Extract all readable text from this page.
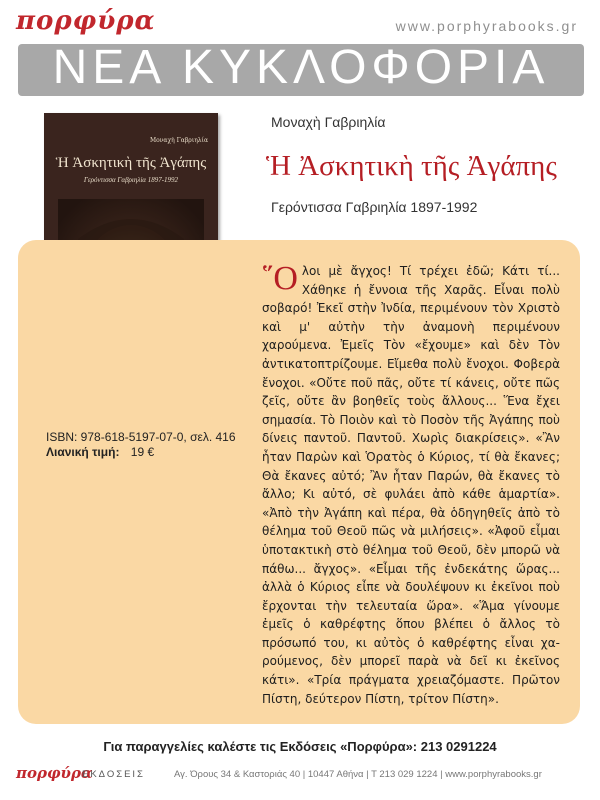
πορφύρα	www.porphyrabooks.gr
ΝΕΑ ΚΥΚΛΟΦΟΡΙΑ
Μοναχὴ Γαβριηλία
Ἡ Ἀσκητικὴ τῆς Ἀγάπης
Γερόντισσα Γαβριηλία 1897-1992
Μοναχὴ Γαβριηλία
Ἡ Ἀσκητικὴ τῆς Ἀγάπης
Γερόντισσα Γαβριηλία 1897-1992
ISBN: 978-618-5197-07-0, σελ. 416
Λιανική τιμή: 19 €
῞Ο λοι μὲ ἄγχος! Τί τρέχει ἐδῶ; Κάτι τί... Χάθηκε ἡ ἔννοια τῆς Χαρᾶς. Εἶναι πολὺ σοβαρό! Ἐκεῖ στὴν Ἰνδία, περιμένουν τὸν Χριστὸ καὶ μ' αὐτὴν τὴν ἀναμονὴ περιμένουν χαρούμενα. Ἐμεῖς Τὸν «ἔχουμε» καὶ δὲν Τὸν ἀντικατοπτρίζουμε. Εἴμεθα πολὺ ἔνοχοι. Φοβερὰ ἔνοχοι. «Οὔτε ποῦ πᾶς, οὔτε τί κάνεις, οὔτε πῶς ζεῖς, οὔτε ἂν βοηθεῖς τοὺς ἄλλους... Ἕνα ἔχει σημασία. Τὸ Ποιὸν καὶ τὸ Ποσὸν τῆς Ἀγάπης ποὺ δίνεις παντοῦ. Παντοῦ. Χωρὶς διακρίσεις». «Ἂν ἦταν Παρὼν καὶ Ὁρατὸς ὁ Κύριος, τί θὰ ἔκανες; Θὰ ἔκανες αὐτό; Ἂν ἦταν Παρών, θὰ ἔκανες τὸ ἄλλο; Κι αὐτό, σὲ φυλάει ἀπὸ κάθε ἁμαρτία». «Ἀπὸ τὴν Ἀγάπη καὶ πέρα, θὰ ὁδηγηθεῖς ἀπὸ τὸ θέλημα τοῦ Θεοῦ πῶς νὰ μιλήσεις». «Ἀφοῦ εἶμαι ὑποτακτικὴ στὸ θέλημα τοῦ Θεοῦ, δὲν μπορῶ νὰ πάθω... ἄγχος». «Εἶμαι τῆς ἐνδεκάτης ὥρας... ἀλλὰ ὁ Κύριος εἶπε νὰ δουλέψουν κι ἐκεῖνοι ποὺ ἔρχονται τὴν τελευταία ὥρα». «Ἅμα γίνουμε ἐμεῖς ὁ καθρέφτης ὅπου βλέπει ὁ ἄλλος τὸ πρόσωπό του, κι αὐτὸς ὁ καθρέφτης εἶναι χαρούμενος, δὲν μπορεῖ παρὰ νὰ δεῖ κι ἐκεῖνος κάτι». «Τρία πράγματα χρειαζόμαστε. Πρῶτον Πίστη, δεύτερον Πίστη, τρίτον Πίστη».
Για παραγγελίες καλέστε τις Εκδόσεις «Πορφύρα»: 213 0291224
πορφύρα
ΕΚΔΟΣΕΙΣ	Αγ. Όρους 34 & Καστοριάς 40 | 10447 Αθήνα | Τ 213 029 1224 | www.porphyrabooks.gr
